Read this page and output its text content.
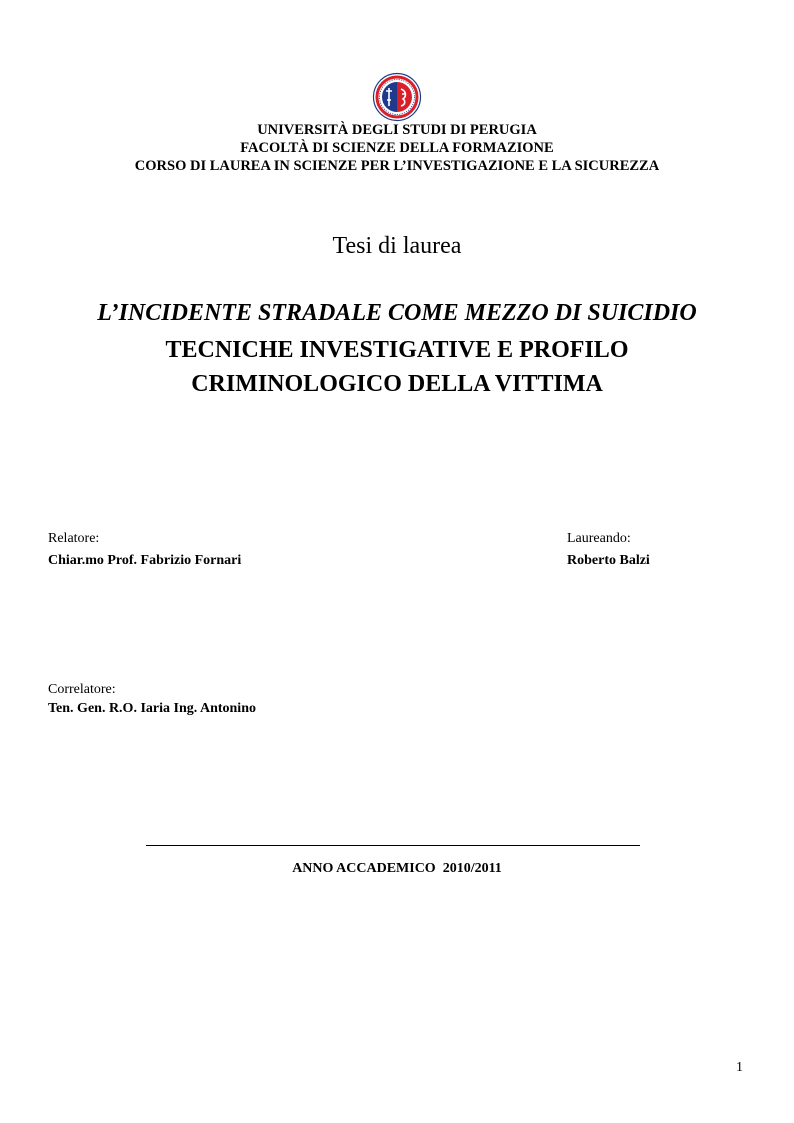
UNIVERSITÀ DEGLI STUDI DI PERUGIA
FACOLTÀ DI SCIENZE DELLA FORMAZIONE
CORSO DI LAUREA IN SCIENZE PER L’INVESTIGAZIONE E LA SICUREZZA
Tesi di laurea
L’INCIDENTE STRADALE COME MEZZO DI SUICIDIO
TECNICHE INVESTIGATIVE E PROFILO
CRIMINOLOGICO DELLA VITTIMA
Relatore:
Chiar.mo Prof. Fabrizio Fornari
Laureando:
Roberto Balzi
Correlatore:
Ten. Gen. R.O. Iaria Ing. Antonino
ANNO ACCADEMICO  2010/2011
1
